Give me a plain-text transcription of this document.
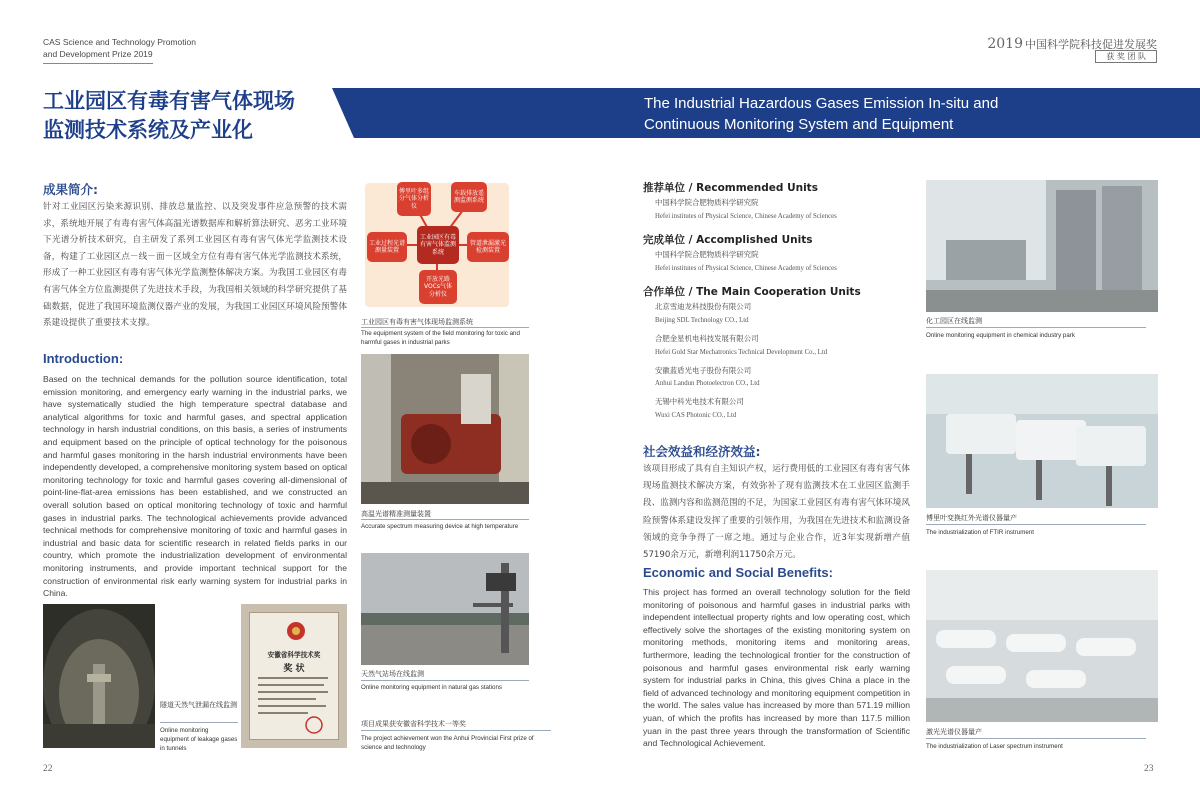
CAS Science and Technology Promotion
and Development Prize 2019
2019 中国科学院科技促进发展奖
获 奖 团 队
工业园区有毒有害气体现场
监测技术系统及产业化
The Industrial Hazardous Gases Emission In-situ and
Continuous Monitoring System and Equipment
成果简介:
针对工业园区污染来源识别、排放总量监控、以及突发事件应急预警的技术需求，系统地开展了有毒有害气体高温光谱数据库和解析算法研究、恶劣工业环境下光谱分析技术研究，自主研发了系列工业园区有毒有害气体光学监测技术设备，构建了工业园区点－线－面－区域全方位有毒有害气体光学监测技术系统，形成了一种工业园区有毒有害气体光学监测整体解决方案。为我国工业园区有毒有害气体全方位监测提供了先进技术手段，为我国相关领域的科学研究提供了基础数据，促进了我国环境监测仪器产业的发展，为我国工业园区环境风险预警体系建设提供了重要技术支撑。
Introduction:
Based on the technical demands for the pollution source identification, total emission monitoring, and emergency early warning in the industrial parks, we have systematically studied the high temperature spectral database and analytical algorithms for toxic and harmful gases, and spectral application technology in harsh industrial conditions, on this basis, a series of instruments and equipment based on the principle of optical technology for the poisonous and harmful gases monitoring in the harsh industrial environments have been independently developed, a comprehensive monitoring system based on optical monitoring technology for toxic and harmful gases covering all-dimensional of point-line-flat-area emissions has been established, and we constructed an overall solution based on optical monitoring technology of toxic and harmful gases in industrial parks. The technological achievements provide advanced technical methods for comprehensive monitoring of toxic and harmful gases in industrial and basic data for scientific research in related fields parks in our country, which promote the industrialization development of environmental monitoring instruments, and provide important technical support for the construction of environmental risk early warning system for industrial parks in China.
隧道天然气泄漏在线监测
Online monitoring equipment of leakage gases in tunnels
安徽省科学技术奖
奖 状
傅里叶多组分气体分析仪
车载排放遥测监测系统
工业园区有毒有害气体监测系统
工业过程光谱测量装置
管道泄漏激光检测装置
开放光路VOCs气体分析仪
工业园区有毒有害气体现场监测系统
The equipment system of the field monitoring for toxic and harmful gases in industrial parks
高温光谱精准测量装置
Accurate spectrum measuring device at high temperature
天然气站场在线监测
Online monitoring equipment in natural gas stations
项目成果获安徽省科学技术一等奖
The project achievement won the Anhui Provincial First prize of science and technology
推荐单位 / Recommended Units
中国科学院合肥物质科学研究院
Hefei institutes of Physical Science, Chinese Academy of Sciences
完成单位 / Accomplished Units
中国科学院合肥物质科学研究院
Hefei institutes of Physical Science, Chinese Academy of Sciences
合作单位 / The Main Cooperation Units
北京雪迪龙科技股份有限公司
Beijing SDL Technology CO., Ltd
合肥金星机电科技发展有限公司
Hefei Gold Star Mechatronics Technical Development Co., Ltd
安徽蓝盾光电子股份有限公司
Anhui Landun Photoelectron CO., Ltd
无锡中科光电技术有限公司
Wuxi CAS Photonic CO., Ltd
社会效益和经济效益:
该项目形成了具有自主知识产权，运行费用低的工业园区有毒有害气体现场监测技术解决方案，有效弥补了现有监测技术在工业园区监测手段、监测内容和监测范围的不足，为国家工业园区有毒有害气体环境风险预警体系建设发挥了重要的引领作用，为我国在先进技术和监测设备领域的竞争争得了一席之地。通过与企业合作，近3年实现新增产值57190余万元，新增利润11750余万元。
Economic and Social Benefits:
This project has formed an overall technology solution for the field monitoring of poisonous and harmful gases in industrial parks with independent intellectual property rights and low operating cost, which effectively solve the shortages of the existing monitoring system on monitoring methods, monitoring items and monitoring areas, furthermore, leading the technological frontier for the construction of poisonous and harmful gases environmental risk early warning system for industrial parks in China, this gives China a place in the field of advanced technology and monitoring equipment competition in the world. The sales value has increased by more than 571.19 million yuan, of which the profits has increased by more than 117.5 million yuan in the past three years through the transformation of Scientific and Technological Achievement.
化工园区在线监测
Online monitoring equipment in chemical industry park
傅里叶变换红外光谱仪器量产
The industrialization of FTIR instrument
激光光谱仪器量产
The industrialization of Laser spectrum instrument
22	23
